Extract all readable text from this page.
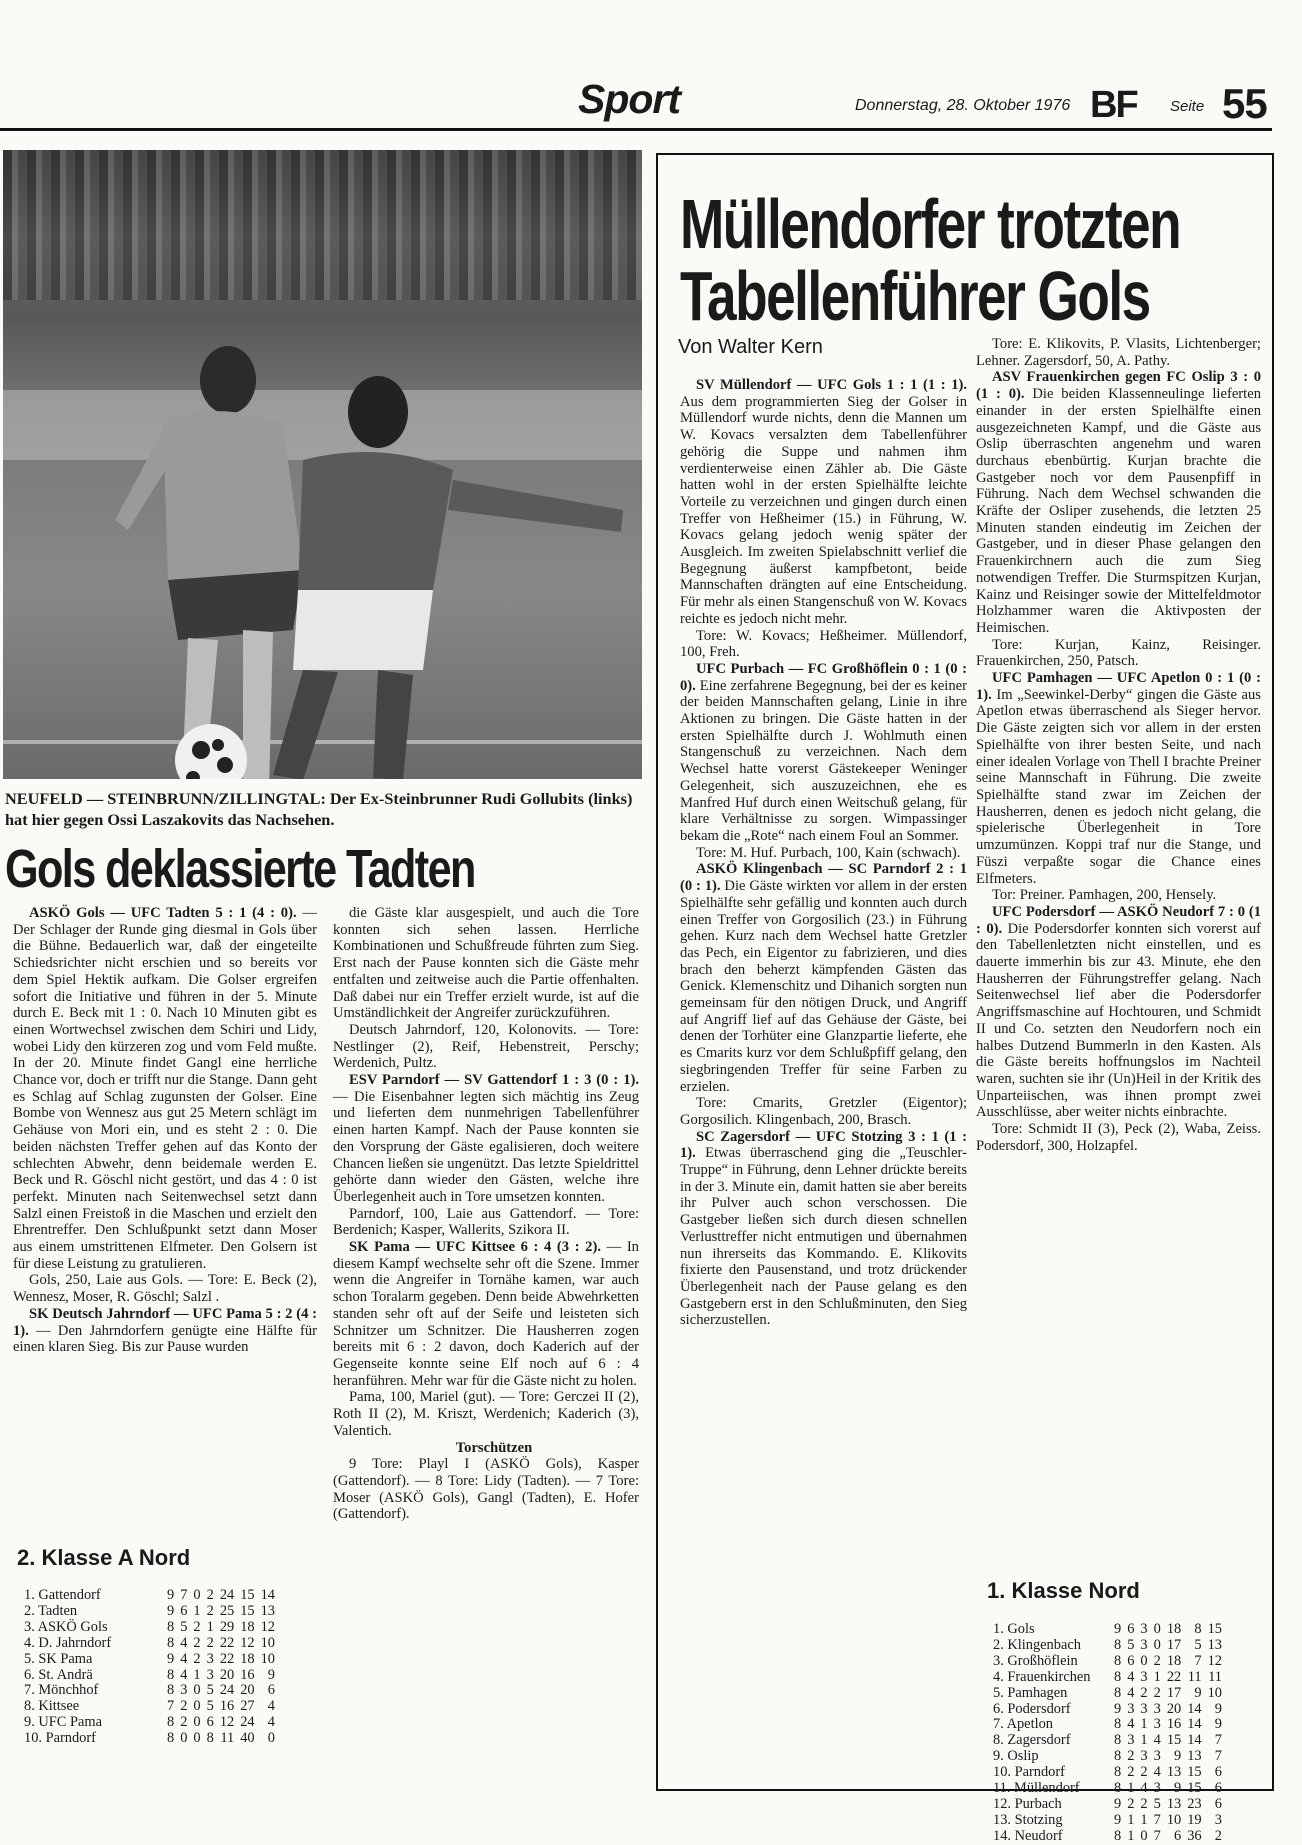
Sport	Donnerstag, 28. Oktober 1976 BF Seite 55
NEUFELD — STEINBRUNN/ZILLINGTAL: Der Ex-Steinbrunner Rudi Gollubits (links) hat hier gegen Ossi Laszakovits das Nachsehen.
Gols deklassierte Tadten

ASKÖ Gols — UFC Tadten 5 : 1 (4 : 0). — Der Schlager der Runde ging diesmal in Gols über die Bühne. Bedauerlich war, daß der eingeteilte Schiedsrichter nicht erschien und so bereits vor dem Spiel Hektik aufkam. Die Golser ergreifen sofort die Initiative und führen in der 5. Minute durch E. Beck mit 1 : 0. Nach 10 Minuten gibt es einen Wortwechsel zwischen dem Schiri und Lidy, wobei Lidy den kürzeren zog und vom Feld mußte. In der 20. Minute findet Gangl eine herrliche Chance vor, doch er trifft nur die Stange. Dann geht es Schlag auf Schlag zugunsten der Golser. Eine Bombe von Wennesz aus gut 25 Metern schlägt im Gehäuse von Mori ein, und es steht 2 : 0. Die beiden nächsten Treffer gehen auf das Konto der schlechten Abwehr, denn beidemale werden E. Beck und R. Göschl nicht gestört, und das 4 : 0 ist perfekt. Minuten nach Seitenwechsel setzt dann Salzl einen Freistoß in die Maschen und erzielt den Ehrentreffer. Den Schlußpunkt setzt dann Moser aus einem umstrittenen Elfmeter. Den Golsern ist für diese Leistung zu gratulieren.

Gols, 250, Laie aus Gols. — Tore: E. Beck (2), Wennesz, Moser, R. Göschl; Salzl .

SK Deutsch Jahrndorf — UFC Pama 5 : 2 (4 : 1). — Den Jahrndorfern genügte eine Hälfte für einen klaren Sieg. Bis zur Pause wurden

die Gäste klar ausgespielt, und auch die Tore konnten sich sehen lassen. Herrliche Kombinationen und Schußfreude führten zum Sieg. Erst nach der Pause konnten sich die Gäste mehr entfalten und zeitweise auch die Partie offenhalten. Daß dabei nur ein Treffer erzielt wurde, ist auf die Umständlichkeit der Angreifer zurückzuführen.

Deutsch Jahrndorf, 120, Kolonovits. — Tore: Nestlinger (2), Reif, Hebenstreit, Perschy; Werdenich, Pultz.

ESV Parndorf — SV Gattendorf 1 : 3 (0 : 1). — Die Eisenbahner legten sich mächtig ins Zeug und lieferten dem nunmehrigen Tabellenführer einen harten Kampf. Nach der Pause konnten sie den Vorsprung der Gäste egalisieren, doch weitere Chancen ließen sie ungenützt. Das letzte Spieldrittel gehörte dann wieder den Gästen, welche ihre Überlegenheit auch in Tore umsetzen konnten.

Parndorf, 100, Laie aus Gattendorf. — Tore: Berdenich; Kasper, Wallerits, Szikora II.

SK Pama — UFC Kittsee 6 : 4 (3 : 2). — In diesem Kampf wechselte sehr oft die Szene. Immer wenn die Angreifer in Tornähe kamen, war auch schon Toralarm gegeben. Denn beide Abwehrketten standen sehr oft auf der Seife und leisteten sich Schnitzer um Schnitzer. Die Hausherren zogen bereits mit 6 : 2 davon, doch Kaderich auf der Gegenseite konnte seine Elf noch auf 6 : 4 heranführen. Mehr war für die Gäste nicht zu holen.

Pama, 100, Mariel (gut). — Tore: Gerczei II (2), Roth II (2), M. Kriszt, Werdenich; Kaderich (3), Valentich.

Torschützen

9 Tore: Playl I (ASKÖ Gols), Kasper (Gattendorf). — 8 Tore: Lidy (Tadten). — 7 Tore: Moser (ASKÖ Gols), Gangl (Tadten), E. Hofer (Gattendorf).

2. Klasse A Nord
1. Gattendorf	9	7	0	2	24	15	14
2. Tadten	9	6	1	2	25	15	13
3. ASKÖ Gols	8	5	2	1	29	18	12
4. D. Jahrndorf	8	4	2	2	22	12	10
5. SK Pama	9	4	2	3	22	18	10
6. St. Andrä	8	4	1	3	20	16	9
7. Mönchhof	8	3	0	5	24	20	6
8. Kittsee	7	2	0	5	16	27	4
9. UFC Pama	8	2	0	6	12	24	4
10. Parndorf	8	0	0	8	11	40	0
Müllendorfer trotzten
Tabellenführer Gols
Von Walter Kern

SV Müllendorf — UFC Gols 1 : 1 (1 : 1). Aus dem programmierten Sieg der Golser in Müllendorf wurde nichts, denn die Mannen um W. Kovacs versalzten dem Tabellenführer gehörig die Suppe und nahmen ihm verdienterweise einen Zähler ab. Die Gäste hatten wohl in der ersten Spielhälfte leichte Vorteile zu verzeichnen und gingen durch einen Treffer von Heßheimer (15.) in Führung, W. Kovacs gelang jedoch wenig später der Ausgleich. Im zweiten Spielabschnitt verlief die Begegnung äußerst kampfbetont, beide Mannschaften drängten auf eine Entscheidung. Für mehr als einen Stangenschuß von W. Kovacs reichte es jedoch nicht mehr.

Tore: W. Kovacs; Heßheimer. Müllendorf, 100, Freh.

UFC Purbach — FC Großhöflein 0 : 1 (0 : 0). Eine zerfahrene Begegnung, bei der es keiner der beiden Mannschaften gelang, Linie in ihre Aktionen zu bringen. Die Gäste hatten in der ersten Spielhälfte durch J. Wohlmuth einen Stangenschuß zu verzeichnen. Nach dem Wechsel hatte vorerst Gästekeeper Weninger Gelegenheit, sich auszuzeichnen, ehe es Manfred Huf durch einen Weitschuß gelang, für klare Verhältnisse zu sorgen. Wimpassinger bekam die „Rote“ nach einem Foul an Sommer.

Tore: M. Huf. Purbach, 100, Kain (schwach).

ASKÖ Klingenbach — SC Parndorf 2 : 1 (0 : 1). Die Gäste wirkten vor allem in der ersten Spielhälfte sehr gefällig und konnten auch durch einen Treffer von Gorgosilich (23.) in Führung gehen. Kurz nach dem Wechsel hatte Gretzler das Pech, ein Eigentor zu fabrizieren, und dies brach den beherzt kämpfenden Gästen das Genick. Klemenschitz und Dihanich sorgten nun gemeinsam für den nötigen Druck, und Angriff auf Angriff lief auf das Gehäuse der Gäste, bei denen der Torhüter eine Glanzpartie lieferte, ehe es Cmarits kurz vor dem Schlußpfiff gelang, den siegbringenden Treffer für seine Farben zu erzielen.

Tore: Cmarits, Gretzler (Eigentor); Gorgosilich. Klingenbach, 200, Brasch.

SC Zagersdorf — UFC Stotzing 3 : 1 (1 : 1). Etwas überraschend ging die „Teuschler-Truppe“ in Führung, denn Lehner drückte bereits in der 3. Minute ein, damit hatten sie aber bereits ihr Pulver auch schon verschossen. Die Gastgeber ließen sich durch diesen schnellen Verlusttreffer nicht entmutigen und übernahmen nun ihrerseits das Kommando. E. Klikovits fixierte den Pausenstand, und trotz drückender Überlegenheit nach der Pause gelang es den Gastgebern erst in den Schlußminuten, den Sieg sicherzustellen.

Tore: E. Klikovits, P. Vlasits, Lichtenberger; Lehner. Zagersdorf, 50, A. Pathy.

ASV Frauenkirchen gegen FC Oslip 3 : 0 (1 : 0). Die beiden Klassenneulinge lieferten einander in der ersten Spielhälfte einen ausgezeichneten Kampf, und die Gäste aus Oslip überraschten angenehm und waren durchaus ebenbürtig. Kurjan brachte die Gastgeber noch vor dem Pausenpfiff in Führung. Nach dem Wechsel schwanden die Kräfte der Osliper zusehends, die letzten 25 Minuten standen eindeutig im Zeichen der Gastgeber, und in dieser Phase gelangen den Frauenkirchnern auch die zum Sieg notwendigen Treffer. Die Sturmspitzen Kurjan, Kainz und Reisinger sowie der Mittelfeldmotor Holzhammer waren die Aktivposten der Heimischen.

Tore: Kurjan, Kainz, Reisinger. Frauenkirchen, 250, Patsch.

UFC Pamhagen — UFC Apetlon 0 : 1 (0 : 1). Im „Seewinkel-Derby“ gingen die Gäste aus Apetlon etwas überraschend als Sieger hervor. Die Gäste zeigten sich vor allem in der ersten Spielhälfte von ihrer besten Seite, und nach einer idealen Vorlage von Thell I brachte Preiner seine Mannschaft in Führung. Die zweite Spielhälfte stand zwar im Zeichen der Hausherren, denen es jedoch nicht gelang, die spielerische Überlegenheit in Tore umzumünzen. Koppi traf nur die Stange, und Füszi verpaßte sogar die Chance eines Elfmeters.

Tor: Preiner. Pamhagen, 200, Hensely.

UFC Podersdorf — ASKÖ Neudorf 7 : 0 (1 : 0). Die Podersdorfer konnten sich vorerst auf den Tabellenletzten nicht einstellen, und es dauerte immerhin bis zur 43. Minute, ehe den Hausherren der Führungstreffer gelang. Nach Seitenwechsel lief aber die Podersdorfer Angriffsmaschine auf Hochtouren, und Schmidt II und Co. setzten den Neudorfern noch ein halbes Dutzend Bummerln in den Kasten. Als die Gäste bereits hoffnungslos im Nachteil waren, suchten sie ihr (Un)Heil in der Kritik des Unparteiischen, was ihnen prompt zwei Ausschlüsse, aber weiter nichts einbrachte.

Tore: Schmidt II (3), Peck (2), Waba, Zeiss. Podersdorf, 300, Holzapfel.

1. Klasse Nord
1. Gols	9	6	3	0	18	8	15
2. Klingenbach	8	5	3	0	17	5	13
3. Großhöflein	8	6	0	2	18	7	12
4. Frauenkirchen	8	4	3	1	22	11	11
5. Pamhagen	8	4	2	2	17	9	10
6. Podersdorf	9	3	3	3	20	14	9
7. Apetlon	8	4	1	3	16	14	9
8. Zagersdorf	8	3	1	4	15	14	7
9. Oslip	8	2	3	3	9	13	7
10. Parndorf	8	2	2	4	13	15	6
11. Müllendorf	8	1	4	3	9	15	6
12. Purbach	9	2	2	5	13	23	6
13. Stotzing	9	1	1	7	10	19	3
14. Neudorf	8	1	0	7	6	36	2
